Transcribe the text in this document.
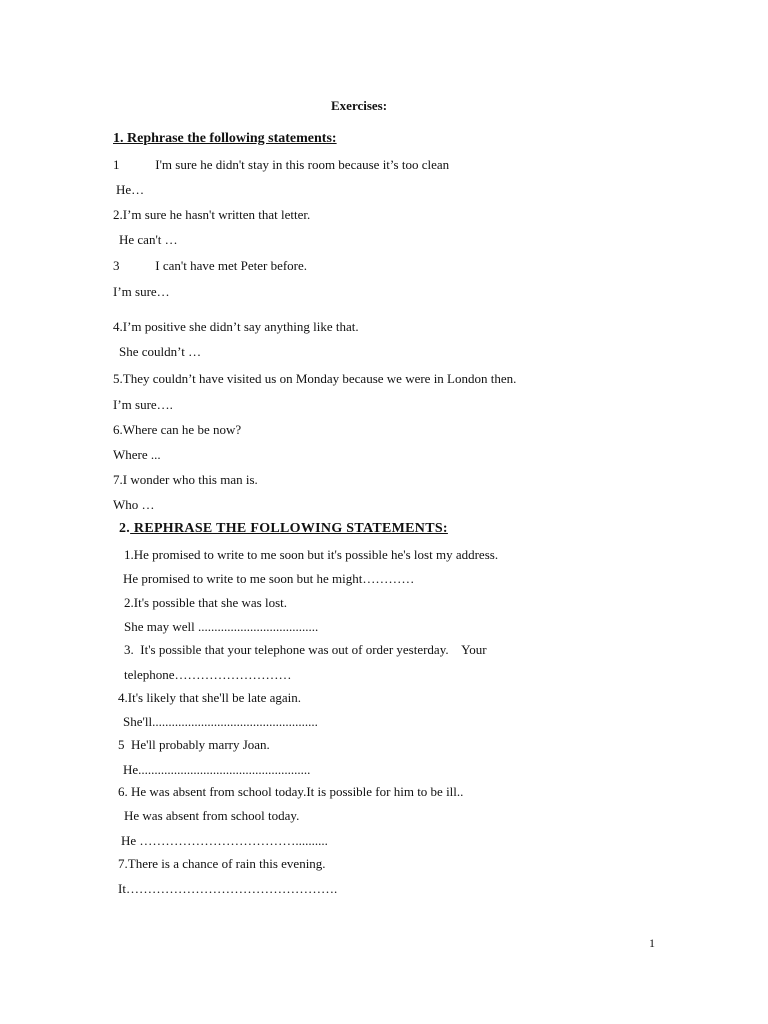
Exercises:
1. Rephrase the following statements:
1           I'm sure he didn't stay in this room because it’s too clean
He…
2.I’m sure he hasn't written that letter.
He can't …
3           I can't have met Peter before.
I’m sure…
4.I’m positive she didn’t say anything like that.
She couldn’t …
5.They couldn’t have visited us on Monday because we were in London then.
I’m sure….
6.Where can he be now?
Where ...
7.I wonder who this man is.
Who …
2. REPHRASE THE FOLLOWING STATEMENTS:
1.He promised to write to me soon but it's possible he's lost my address.
He promised to write to me soon but he might…………
2.It's possible that she was lost.
She may well .....................................
3.  It's possible that your telephone was out of order yesterday.    Your
telephone………………………
4.It's likely that she'll be late again.
She'll...................................................
5  He'll probably marry Joan.
He.....................................................
6. He was absent from school today.It is possible for him to be ill..
He was absent from school today.
He ………………………………..........
7.There is a chance of rain this evening.
It………………………………………….
1
